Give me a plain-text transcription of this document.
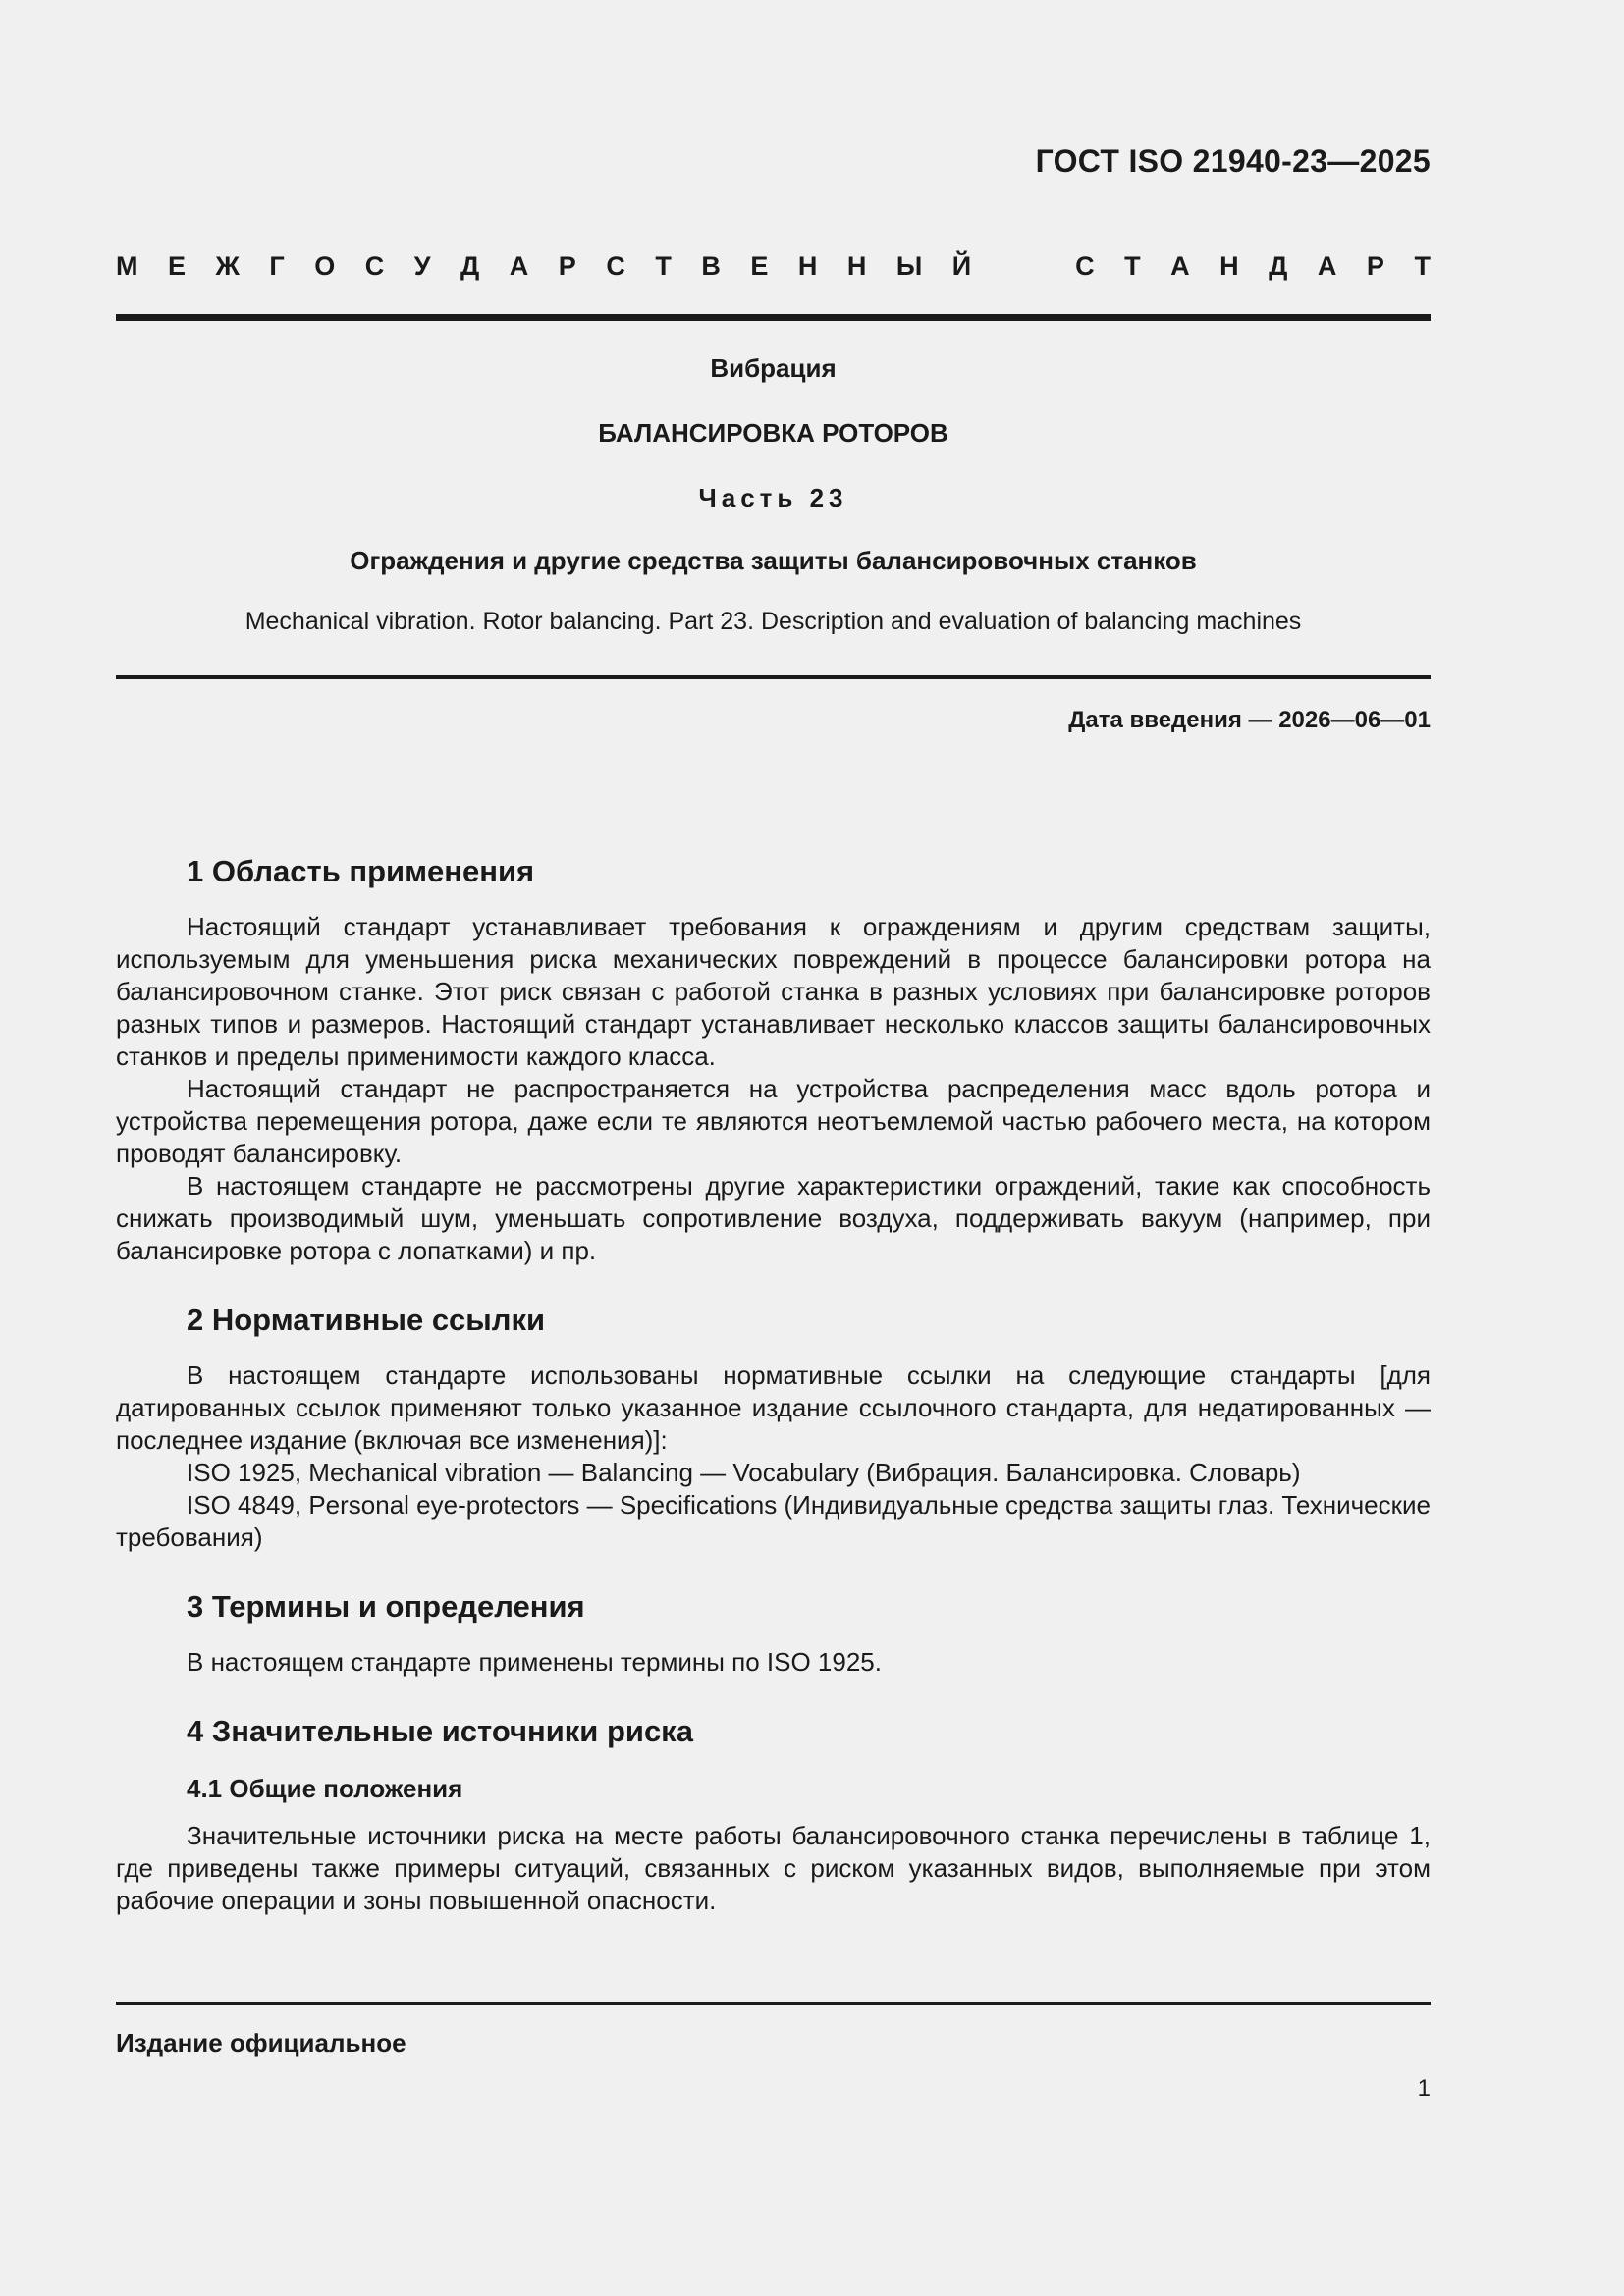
ГОСТ ISO 21940-23—2025
М Е Ж Г О С У Д А Р С Т В Е Н Н Ы Й	С Т А Н Д А Р Т
Вибрация
БАЛАНСИРОВКА РОТОРОВ
Часть 23
Ограждения и другие средства защиты балансировочных станков
Mechanical vibration. Rotor balancing. Part 23. Description and evaluation of balancing machines
Дата введения — 2026—06—01
1 Область применения

Настоящий стандарт устанавливает требования к ограждениям и другим средствам защиты, используемым для уменьшения риска механических повреждений в процессе балансировки ротора на балансировочном станке. Этот риск связан с работой станка в разных условиях при балансировке роторов разных типов и размеров. Настоящий стандарт устанавливает несколько классов защиты балансировочных станков и пределы применимости каждого класса.

Настоящий стандарт не распространяется на устройства распределения масс вдоль ротора и устройства перемещения ротора, даже если те являются неотъемлемой частью рабочего места, на котором проводят балансировку.

В настоящем стандарте не рассмотрены другие характеристики ограждений, такие как способность снижать производимый шум, уменьшать сопротивление воздуха, поддерживать вакуум (например, при балансировке ротора с лопатками) и пр.

2 Нормативные ссылки

В настоящем стандарте использованы нормативные ссылки на следующие стандарты [для датированных ссылок применяют только указанное издание ссылочного стандарта, для недатированных — последнее издание (включая все изменения)]:

ISO 1925, Mechanical vibration — Balancing — Vocabulary (Вибрация. Балансировка. Словарь)

ISO 4849, Personal eye-protectors — Specifications (Индивидуальные средства защиты глаз. Технические требования)

3 Термины и определения

В настоящем стандарте применены термины по ISO 1925.

4 Значительные источники риска
4.1 Общие положения

Значительные источники риска на месте работы балансировочного станка перечислены в таблице 1, где приведены также примеры ситуаций, связанных с риском указанных видов, выполняемые при этом рабочие операции и зоны повышенной опасности.

Издание официальное
1
